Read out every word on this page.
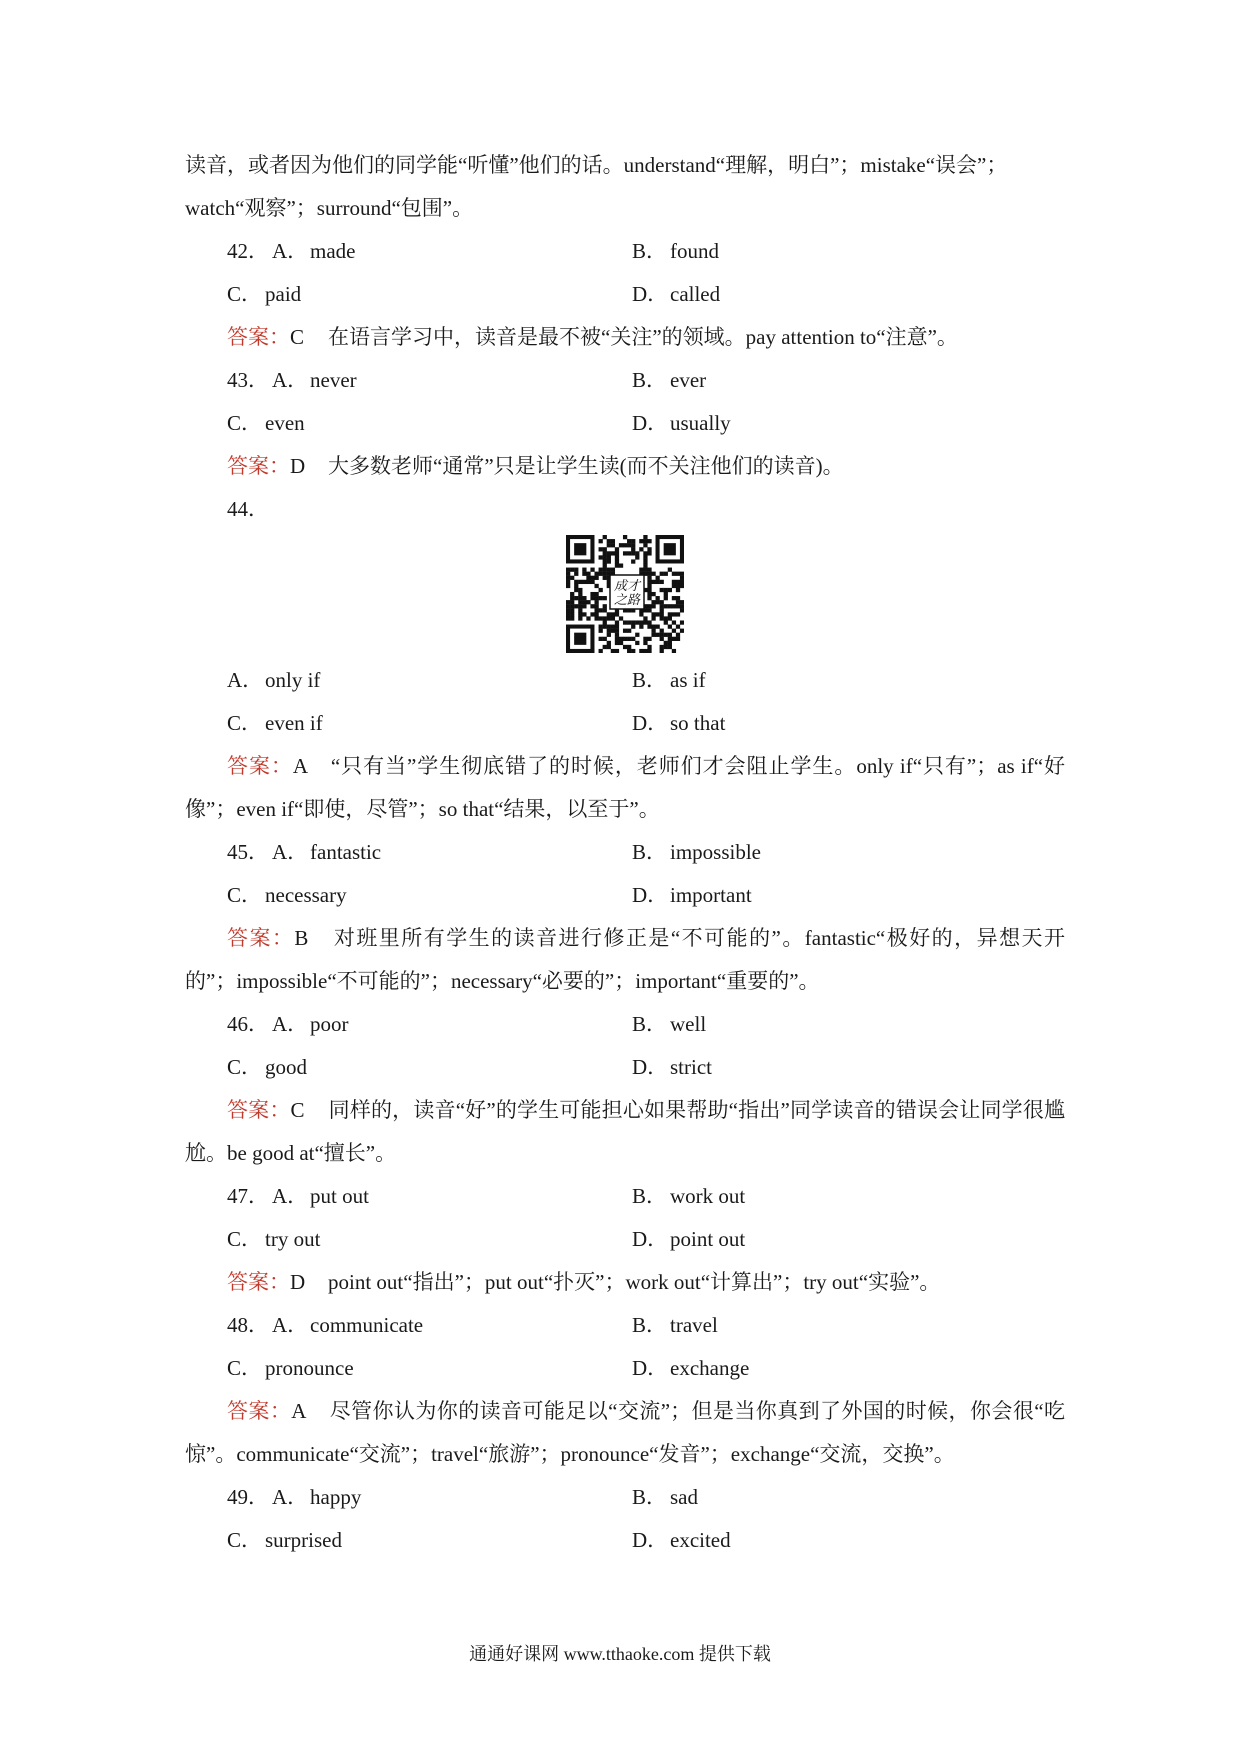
读音，或者因为他们的同学能“听懂”他们的话。understand“理解，明白”；mistake“误会”；
watch“观察”；surround“包围”。
42． A．made	B． found
C． paid	D．called
答案：C 在语言学习中，读音是最不被“关注”的领域。pay attention to“注意”。
43． A．never	B． ever
C． even	D．usually
答案：D 大多数老师“通常”只是让学生读(而不关注他们的读音)。
44．
成才
之路
A．only if	B． as if
C． even if	D．so that
答案：A “只有当”学生彻底错了的时候，老师们才会阻止学生。only if“只有”；as if“好像”；even if“即使，尽管”；so that“结果，以至于”。
45． A．fantastic	B． impossible
C． necessary	D．important
答案：B 对班里所有学生的读音进行修正是“不可能的”。fantastic“极好的，异想天开的”；impossible“不可能的”；necessary“必要的”；important“重要的”。
46． A．poor	B． well
C． good	D．strict
答案：C 同样的，读音“好”的学生可能担心如果帮助“指出”同学读音的错误会让同学很尴尬。be good at“擅长”。
47． A．put out	B． work out
C． try out	D．point out
答案：D point out“指出”；put out“扑灭”；work out“计算出”；try out“实验”。
48． A．communicate	B． travel
C． pronounce	D．exchange
答案：A 尽管你认为你的读音可能足以“交流”；但是当你真到了外国的时候，你会很“吃惊”。communicate“交流”；travel“旅游”；pronounce“发音”；exchange“交流，交换”。
49． A．happy	B． sad
C． surprised	D．excited
通通好课网 www.tthaoke.com 提供下载
